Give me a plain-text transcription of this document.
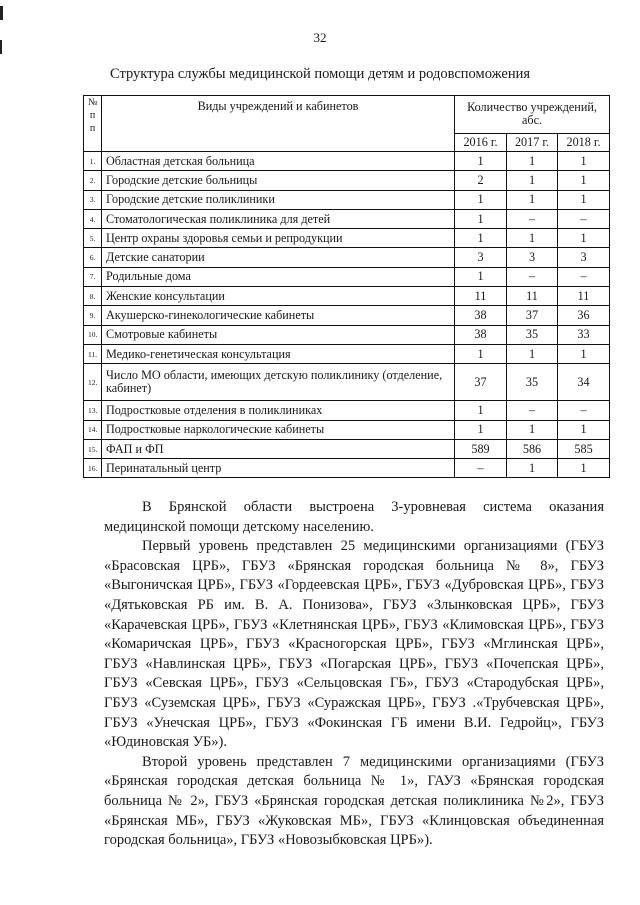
32
Структура службы медицинской помощи детям и родовспоможения
№
п
п	Виды учреждений и кабинетов	Количество учреждений, абс.		
		2016 г.	2017 г.	2018 г.
1.	Областная детская больница	1	1	1
2.	Городские детские больницы	2	1	1
3.	Городские детские поликлиники	1	1	1
4.	Стоматологическая поликлиника для детей	1	–	–
5.	Центр охраны здоровья семьи и репродукции	1	1	1
6.	Детские санатории	3	3	3
7.	Родильные дома	1	–	–
8.	Женские консультации	11	11	11
9.	Акушерско-гинекологические кабинеты	38	37	36
10.	Смотровые кабинеты	38	35	33
11.	Медико-генетическая консультация	1	1	1
12.	Число МО области, имеющих детскую поликлинику (отделение, кабинет)	37	35	34
13.	Подростковые отделения в поликлиниках	1	–	–
14.	Подростковые наркологические кабинеты	1	1	1
15.	ФАП и ФП	589	586	585
16.	Перинатальный центр	–	1	1
В Брянской области выстроена 3-уровневая система оказания медицинской помощи детскому населению.
Первый уровень представлен 25 медицинскими организациями (ГБУЗ «Брасовская ЦРБ», ГБУЗ «Брянская городская больница № 8», ГБУЗ «Выгоничская ЦРБ», ГБУЗ «Гордеевская ЦРБ», ГБУЗ «Дубровская ЦРБ», ГБУЗ «Дятьковская РБ им. В. А. Понизова», ГБУЗ «Злынковская ЦРБ», ГБУЗ «Карачевская ЦРБ», ГБУЗ «Клетнянская ЦРБ», ГБУЗ «Климовская ЦРБ», ГБУЗ «Комаричская ЦРБ», ГБУЗ «Красногорская ЦРБ», ГБУЗ «Мглинская ЦРБ», ГБУЗ «Навлинская ЦРБ», ГБУЗ «Погарская ЦРБ», ГБУЗ «Почепская ЦРБ», ГБУЗ «Севская ЦРБ», ГБУЗ «Сельцовская ГБ», ГБУЗ «Стародубская ЦРБ», ГБУЗ «Суземская ЦРБ», ГБУЗ «Суражская ЦРБ», ГБУЗ .«Трубчевская ЦРБ», ГБУЗ «Унечская ЦРБ», ГБУЗ «Фокинская ГБ имени В.И. Гедройц», ГБУЗ «Юдиновская УБ»).
Второй уровень представлен 7 медицинскими организациями (ГБУЗ «Брянская городская детская больница № 1», ГАУЗ «Брянская городская больница № 2», ГБУЗ «Брянская городская детская поликлиника №2», ГБУЗ «Брянская МБ», ГБУЗ «Жуковская МБ», ГБУЗ «Клинцовская объединенная городская больница», ГБУЗ «Новозыбковская ЦРБ»).
